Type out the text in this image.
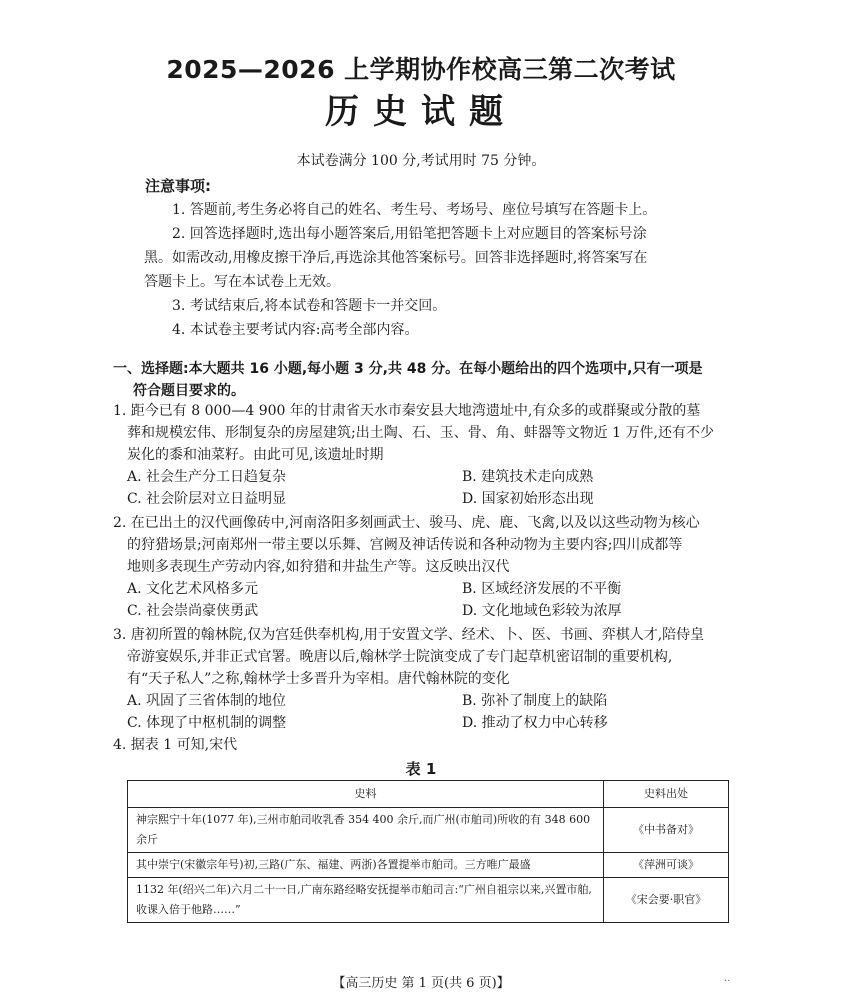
2025—2026 上学期协作校高三第二次考试
历史试题
本试卷满分 100 分,考试用时 75 分钟。
注意事项:

1. 答题前,考生务必将自己的姓名、考生号、考场号、座位号填写在答题卡上。

2. 回答选择题时,选出每小题答案后,用铅笔把答题卡上对应题目的答案标号涂

黑。如需改动,用橡皮擦干净后,再选涂其他答案标号。回答非选择题时,将答案写在

答题卡上。写在本试卷上无效。

3. 考试结束后,将本试卷和答题卡一并交回。

4. 本试卷主要考试内容:高考全部内容。

一、选择题:本大题共 16 小题,每小题 3 分,共 48 分。在每小题给出的四个选项中,只有一项是
符合题目要求的。

1. 距今已有 8 000—4 900 年的甘肃省天水市秦安县大地湾遗址中,有众多的或群聚或分散的墓

葬和规模宏伟、形制复杂的房屋建筑;出土陶、石、玉、骨、角、蚌器等文物近 1 万件,还有不少

炭化的黍和油菜籽。由此可见,该遗址时期

A. 社会生产分工日趋复杂	B. 建筑技术走向成熟
C. 社会阶层对立日益明显	D. 国家初始形态出现

2. 在已出土的汉代画像砖中,河南洛阳多刻画武士、骏马、虎、鹿、飞禽,以及以这些动物为核心

的狩猎场景;河南郑州一带主要以乐舞、宫阙及神话传说和各种动物为主要内容;四川成都等

地则多表现生产劳动内容,如狩猎和井盐生产等。这反映出汉代

A. 文化艺术风格多元	B. 区域经济发展的不平衡
C. 社会崇尚豪侠勇武	D. 文化地域色彩较为浓厚

3. 唐初所置的翰林院,仅为宫廷供奉机构,用于安置文学、经术、卜、医、书画、弈棋人才,陪侍皇

帝游宴娱乐,并非正式官署。晚唐以后,翰林学士院演变成了专门起草机密诏制的重要机构,

有“天子私人”之称,翰林学士多晋升为宰相。唐代翰林院的变化

A. 巩固了三省体制的地位	B. 弥补了制度上的缺陷
C. 体现了中枢机制的调整	D. 推动了权力中心转移

4. 据表 1 可知,宋代

表 1
史料	史料出处
神宗熙宁十年(1077 年),三州市舶司收乳香 354 400 余斤,而广州(市舶司)所收的有 348 600 余斤	《中书备对》
其中崇宁(宋徽宗年号)初,三路(广东、福建、两浙)各置提举市舶司。三方唯广最盛	《萍洲可谈》
1132 年(绍兴二年)六月二十一日,广南东路经略安抚提举市舶司言:“广州自祖宗以来,兴置市舶,收课入倍于他路……”	《宋会要·职官》
【高三历史 第 1 页(共 6 页)】	··
